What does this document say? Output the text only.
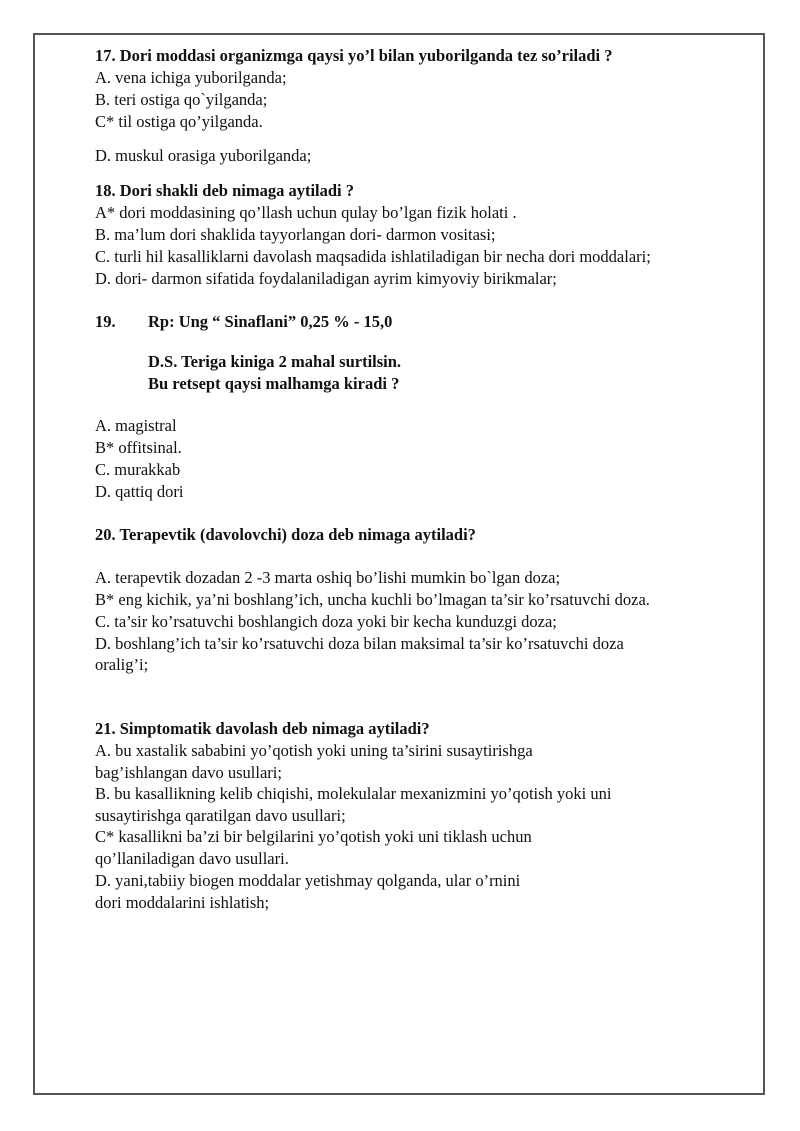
17. Dori moddasi organizmga qaysi yo’l bilan yuborilganda tez so’riladi ?
A. vena ichiga yuborilganda;
B. teri ostiga qo`yilganda;
C* til ostiga qo’yilganda.
D. muskul orasiga yuborilganda;
18. Dori shakli deb nimaga aytiladi ?
A* dori moddasining qo’llash uchun qulay bo’lgan fizik holati .
B. ma’lum dori shaklida tayyorlangan dori- darmon vositasi;
C. turli hil kasalliklarni davolash maqsadida ishlatiladigan bir necha dori moddalari;
D. dori- darmon sifatida foydalaniladigan ayrim kimyoviy birikmalar;
19. Rp: Ung “ Sinaflani” 0,25 % - 15,0
D.S. Teriga kiniga 2 mahal surtilsin.
Bu retsept qaysi malhamga kiradi ?
A. magistral
B* offitsinal.
C. murakkab
D. qattiq dori
20. Terapevtik (davolovchi) doza deb nimaga aytiladi?
A. terapevtik dozadan 2 -3 marta oshiq bo’lishi mumkin bo`lgan doza;
B* eng kichik, ya’ni boshlang’ich, uncha kuchli bo’lmagan ta’sir ko’rsatuvchi doza.
C. ta’sir ko’rsatuvchi boshlangich doza yoki bir kecha kunduzgi doza;
D. boshlang’ich ta’sir ko’rsatuvchi doza bilan maksimal ta’sir ko’rsatuvchi doza
oralig’i;
21. Simptomatik davolash deb nimaga aytiladi?
A. bu xastalik sababini yo’qotish yoki uning ta’sirini susaytirishga
bag’ishlangan davo usullari;
B. bu kasallikning kelib chiqishi, molekulalar mexanizmini yo’qotish yoki uni
susaytirishga qaratilgan davo usullari;
C* kasallikni ba’zi bir belgilarini yo’qotish yoki uni tiklash uchun
qo’llaniladigan davo usullari.
D. yani,tabiiy biogen moddalar yetishmay qolganda, ular o’rnini
dori moddalarini ishlatish;
